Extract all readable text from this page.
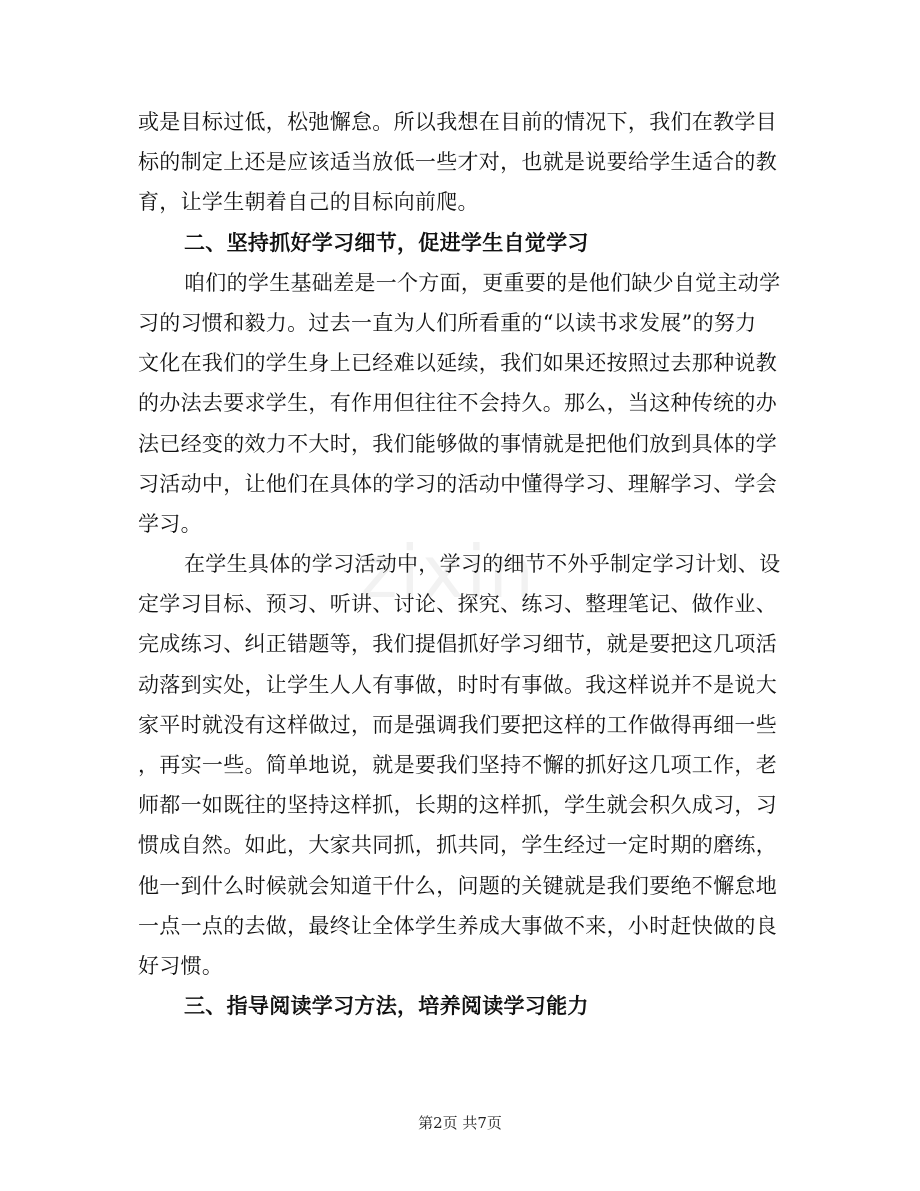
zixin
或是目标过低，松弛懈怠。所以我想在目前的情况下，我们在教学目
标的制定上还是应该适当放低一些才对，也就是说要给学生适合的教
育，让学生朝着自己的目标向前爬。
二、坚持抓好学习细节，促进学生自觉学习
咱们的学生基础差是一个方面，更重要的是他们缺少自觉主动学
习的习惯和毅力。过去一直为人们所看重的“以读书求发展”的努力
文化在我们的学生身上已经难以延续，我们如果还按照过去那种说教
的办法去要求学生，有作用但往往不会持久。那么，当这种传统的办
法已经变的效力不大时，我们能够做的事情就是把他们放到具体的学
习活动中，让他们在具体的学习的活动中懂得学习、理解学习、学会
学习。
在学生具体的学习活动中，学习的细节不外乎制定学习计划、设
定学习目标、预习、听讲、讨论、探究、练习、整理笔记、做作业、
完成练习、纠正错题等，我们提倡抓好学习细节，就是要把这几项活
动落到实处，让学生人人有事做，时时有事做。我这样说并不是说大
家平时就没有这样做过，而是强调我们要把这样的工作做得再细一些
，再实一些。简单地说，就是要我们坚持不懈的抓好这几项工作，老
师都一如既往的坚持这样抓，长期的这样抓，学生就会积久成习，习
惯成自然。如此，大家共同抓，抓共同，学生经过一定时期的磨练，
他一到什么时候就会知道干什么，问题的关键就是我们要绝不懈怠地
一点一点的去做，最终让全体学生养成大事做不来，小时赶快做的良
好习惯。
三、指导阅读学习方法，培养阅读学习能力
第2页 共7页
